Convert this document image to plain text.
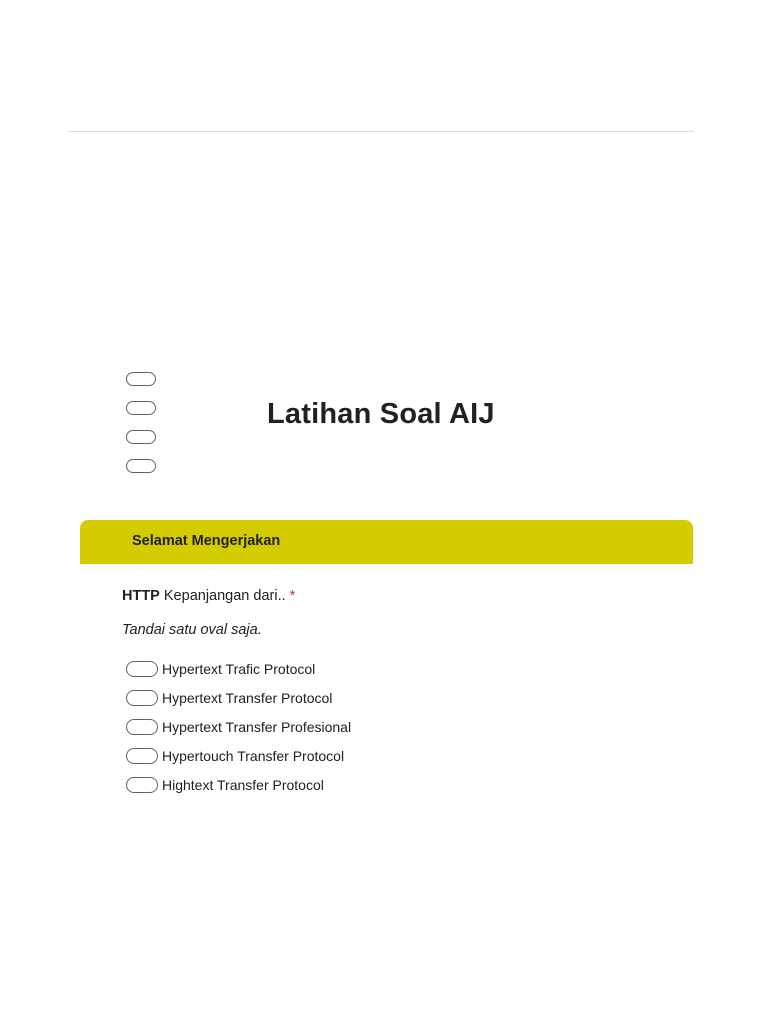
Latihan Soal AIJ
Selamat Mengerjakan
HTTP Kepanjangan dari.. *
Tandai satu oval saja.
Hypertext Trafic Protocol
Hypertext Transfer Protocol
Hypertext Transfer Profesional
Hypertouch Transfer Protocol
Hightext Transfer Protocol
